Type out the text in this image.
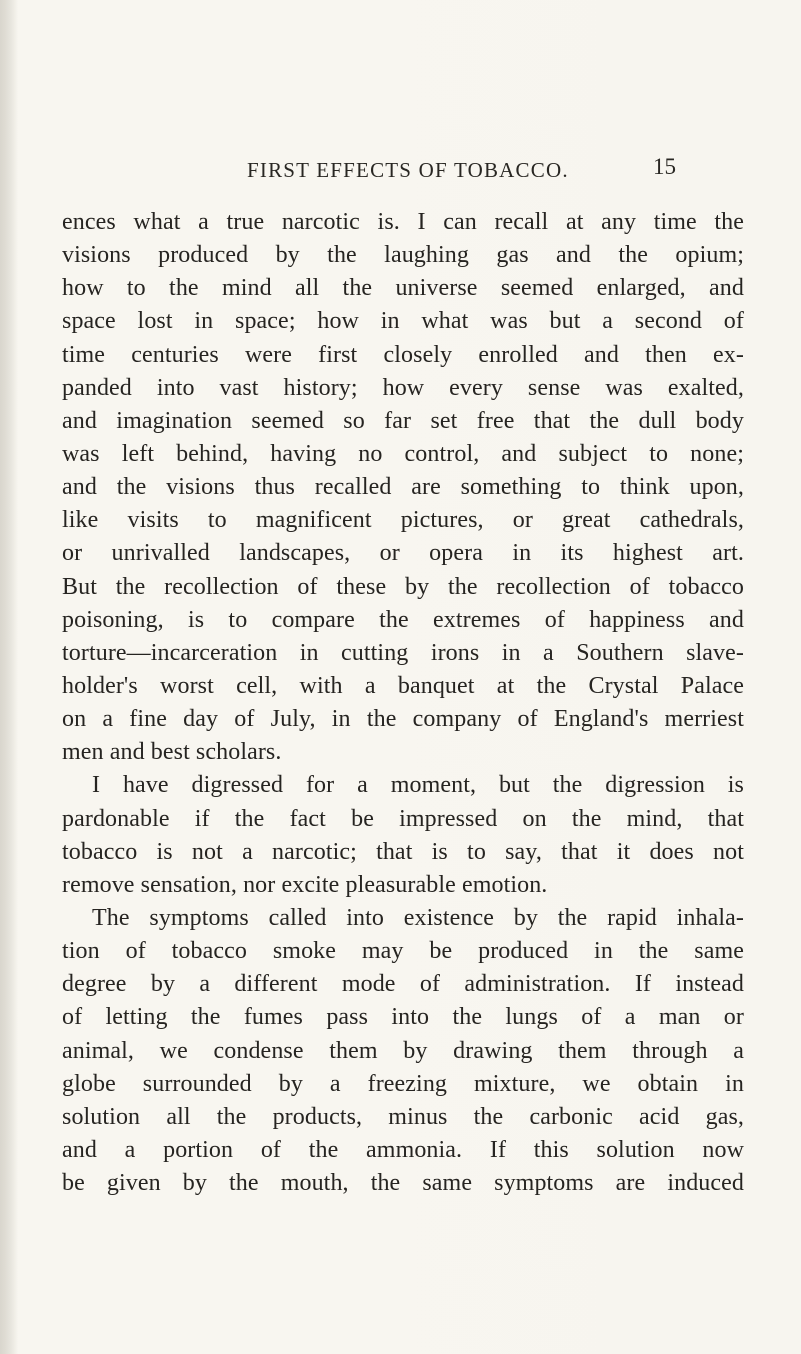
FIRST EFFECTS OF TOBACCO.	15
ences what a true narcotic is. I can recall at any time the
visions produced by the laughing gas and the opium;
how to the mind all the universe seemed enlarged, and
space lost in space; how in what was but a second of
time centuries were first closely enrolled and then ex-
panded into vast history; how every sense was exalted,
and imagination seemed so far set free that the dull body
was left behind, having no control, and subject to none;
and the visions thus recalled are something to think upon,
like visits to magnificent pictures, or great cathedrals,
or unrivalled landscapes, or opera in its highest art.
But the recollection of these by the recollection of tobacco
poisoning, is to compare the extremes of happiness and
torture—incarceration in cutting irons in a Southern slave-
holder's worst cell, with a banquet at the Crystal Palace
on a fine day of July, in the company of England's merriest
men and best scholars.
I have digressed for a moment, but the digression is
pardonable if the fact be impressed on the mind, that
tobacco is not a narcotic; that is to say, that it does not
remove sensation, nor excite pleasurable emotion.
The symptoms called into existence by the rapid inhala-
tion of tobacco smoke may be produced in the same
degree by a different mode of administration. If instead
of letting the fumes pass into the lungs of a man or
animal, we condense them by drawing them through a
globe surrounded by a freezing mixture, we obtain in
solution all the products, minus the carbonic acid gas,
and a portion of the ammonia. If this solution now
be given by the mouth, the same symptoms are induced
